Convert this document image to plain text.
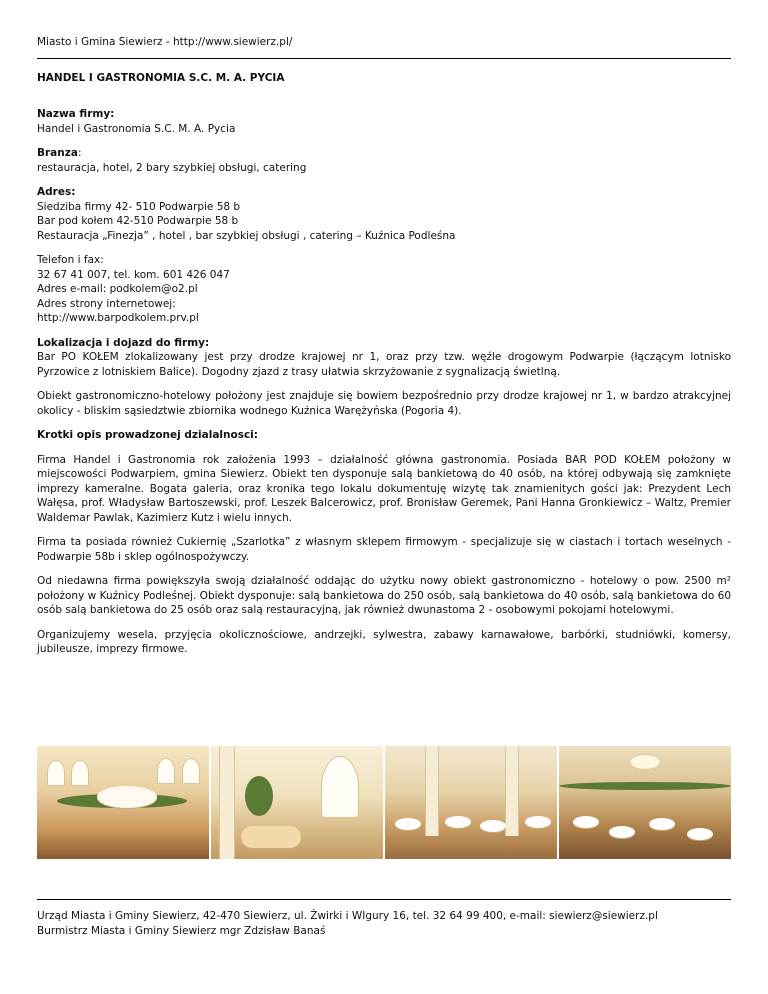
Miasto i Gmina Siewierz - http://www.siewierz.pl/
HANDEL I GASTRONOMIA S.C. M. A. PYCIA

Nazwa firmy:
Handel i Gastronomia S.C. M. A. Pycia

Branza:
restauracja, hotel, 2 bary szybkiej obsługi, catering

Adres:
Siedziba firmy 42- 510 Podwarpie 58 b
Bar pod kołem 42-510 Podwarpie 58 b
Restauracja „Finezja” , hotel , bar szybkiej obsługi , catering – Kuźnica Podleśna

Telefon i fax:
32 67 41 007, tel. kom. 601 426 047
Adres e-mail: podkolem@o2.pl
Adres strony internetowej:
http://www.barpodkolem.prv.pl

Lokalizacja i dojazd do firmy:
Bar PO KOŁEM zlokalizowany jest przy drodze krajowej nr 1, oraz przy tzw. węźle drogowym Podwarpie (łączącym lotnisko Pyrzowice z lotniskiem Balice). Dogodny zjazd z trasy ułatwia skrzyżowanie z sygnalizacją świetlną.

Obiekt gastronomiczno-hotelowy położony jest znajduje się bowiem bezpośrednio przy drodze krajowej nr 1, w bardzo atrakcyjnej okolicy - bliskim sąsiedztwie zbiornika wodnego Kuźnica Warężyńska (Pogoria 4).

Krotki opis prowadzonej dzialalnosci:

Firma Handel i Gastronomia rok założenia 1993 – działalność główna gastronomia. Posiada BAR POD KOŁEM położony w miejscowości Podwarpiem, gmina Siewierz. Obiekt ten dysponuje salą bankietową do 40 osób, na której odbywają się zamknięte imprezy kameralne. Bogata galeria, oraz kronika tego lokalu dokumentuję wizytę tak znamienitych gości jak: Prezydent Lech Wałęsa, prof. Władysław Bartoszewski, prof. Leszek Balcerowicz, prof. Bronisław Geremek, Pani Hanna Gronkiewicz – Waltz, Premier Waldemar Pawlak, Kazimierz Kutz i wielu innych.

Firma ta posiada również Cukiernię „Szarlotka” z własnym sklepem firmowym - specjalizuje się w ciastach i tortach weselnych - Podwarpie 58b i sklep ogólnospożywczy.

Od niedawna firma powiększyła swoją działalność oddając do użytku nowy obiekt gastronomiczno - hotelowy o pow. 2500 m² położony w Kuźnicy Podleśnej. Obiekt dysponuje: salą bankietowa do 250 osób, salą bankietowa do 40 osób, salą bankietowa do 60 osób salą bankietowa do 25 osób oraz salą restauracyjną, jak również dwunastoma 2 - osobowymi pokojami hotelowymi.

Organizujemy wesela, przyjęcia okolicznościowe, andrzejki, sylwestra, zabawy karnawałowe, barbórki, studniówki, komersy, jubileusze, imprezy firmowe.

Urząd Miasta i Gminy Siewierz, 42-470 Siewierz, ul. Żwirki i WIgury 16, tel. 32 64 99 400, e-mail: siewierz@siewierz.pl
Burmistrz Miasta i Gminy Siewierz mgr Zdzisław Banaś
